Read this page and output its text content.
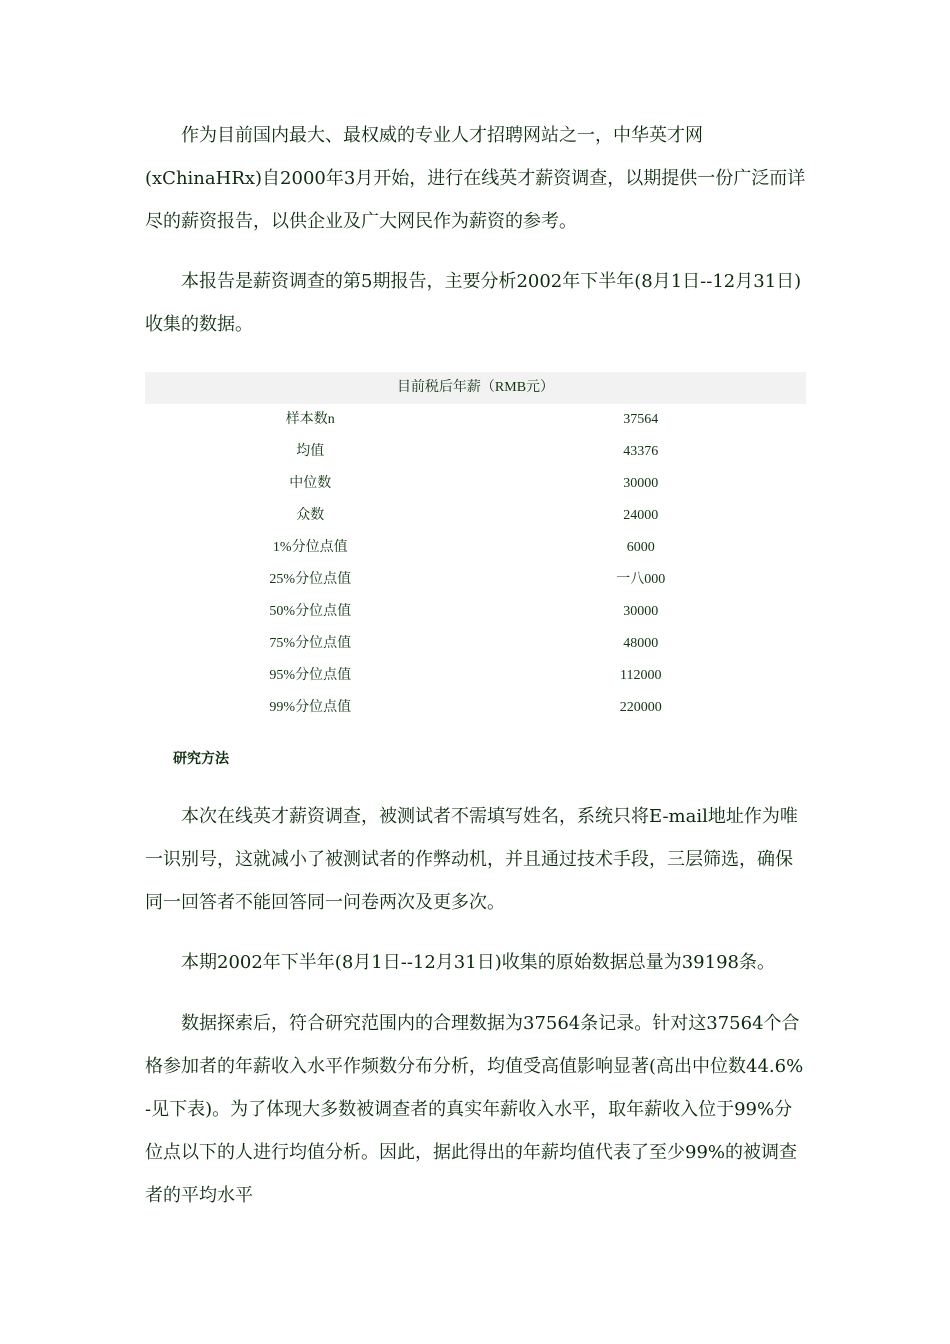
作为目前国内最大、最权威的专业人才招聘网站之一，中华英才网(xChinaHRx)自2000年3月开始，进行在线英才薪资调查，以期提供一份广泛而详尽的薪资报告，以供企业及广大网民作为薪资的参考。

本报告是薪资调查的第5期报告，主要分析2002年下半年(8月1日--12月31日)收集的数据。

目前税后年薪（RMB元）
样本数n	37564
均值	43376
中位数	30000
众数	24000
1%分位点值	6000
25%分位点值	一八000
50%分位点值	30000
75%分位点值	48000
95%分位点值	112000
99%分位点值	220000
研究方法

本次在线英才薪资调查，被测试者不需填写姓名，系统只将E-mail地址作为唯一识别号，这就减小了被测试者的作弊动机，并且通过技术手段，三层筛选，确保同一回答者不能回答同一问卷两次及更多次。

本期2002年下半年(8月1日--12月31日)收集的原始数据总量为39198条。

数据探索后，符合研究范围内的合理数据为37564条记录。针对这37564个合格参加者的年薪收入水平作频数分布分析，均值受高值影响显著(高出中位数44.6% -见下表)。为了体现大多数被调查者的真实年薪收入水平，取年薪收入位于99%分位点以下的人进行均值分析。因此，据此得出的年薪均值代表了至少99%的被调查者的平均水平
